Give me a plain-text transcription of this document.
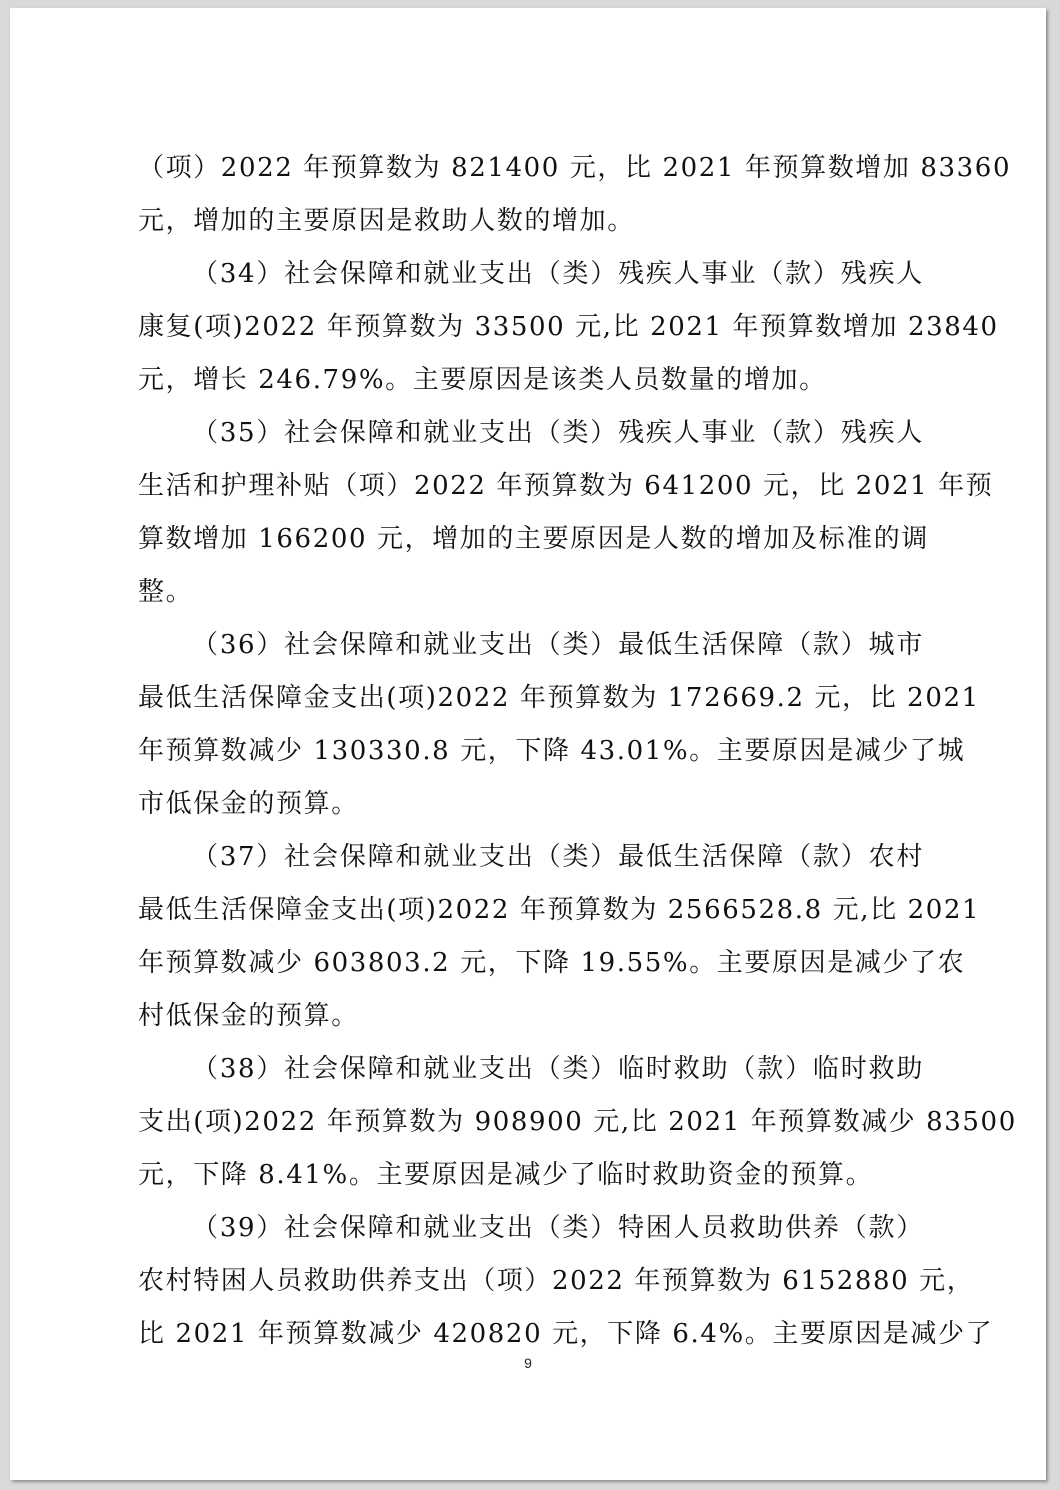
（项）2022 年预算数为 821400 元，比 2021 年预算数增加 83360
元，增加的主要原因是救助人数的增加。
（34）社会保障和就业支出（类）残疾人事业（款）残疾人
康复(项)2022 年预算数为 33500 元,比 2021 年预算数增加 23840
元，增长 246.79%。主要原因是该类人员数量的增加。
（35）社会保障和就业支出（类）残疾人事业（款）残疾人
生活和护理补贴（项）2022 年预算数为 641200 元，比 2021 年预
算数增加 166200 元，增加的主要原因是人数的增加及标准的调
整。
（36）社会保障和就业支出（类）最低生活保障（款）城市
最低生活保障金支出(项)2022 年预算数为 172669.2 元，比 2021
年预算数减少 130330.8 元，下降 43.01%。主要原因是减少了城
市低保金的预算。
（37）社会保障和就业支出（类）最低生活保障（款）农村
最低生活保障金支出(项)2022 年预算数为 2566528.8 元,比 2021
年预算数减少 603803.2 元，下降 19.55%。主要原因是减少了农
村低保金的预算。
（38）社会保障和就业支出（类）临时救助（款）临时救助
支出(项)2022 年预算数为 908900 元,比 2021 年预算数减少 83500
元，下降 8.41%。主要原因是减少了临时救助资金的预算。
（39）社会保障和就业支出（类）特困人员救助供养（款）
农村特困人员救助供养支出（项）2022 年预算数为 6152880 元，
比 2021 年预算数减少 420820 元，下降 6.4%。主要原因是减少了
9
